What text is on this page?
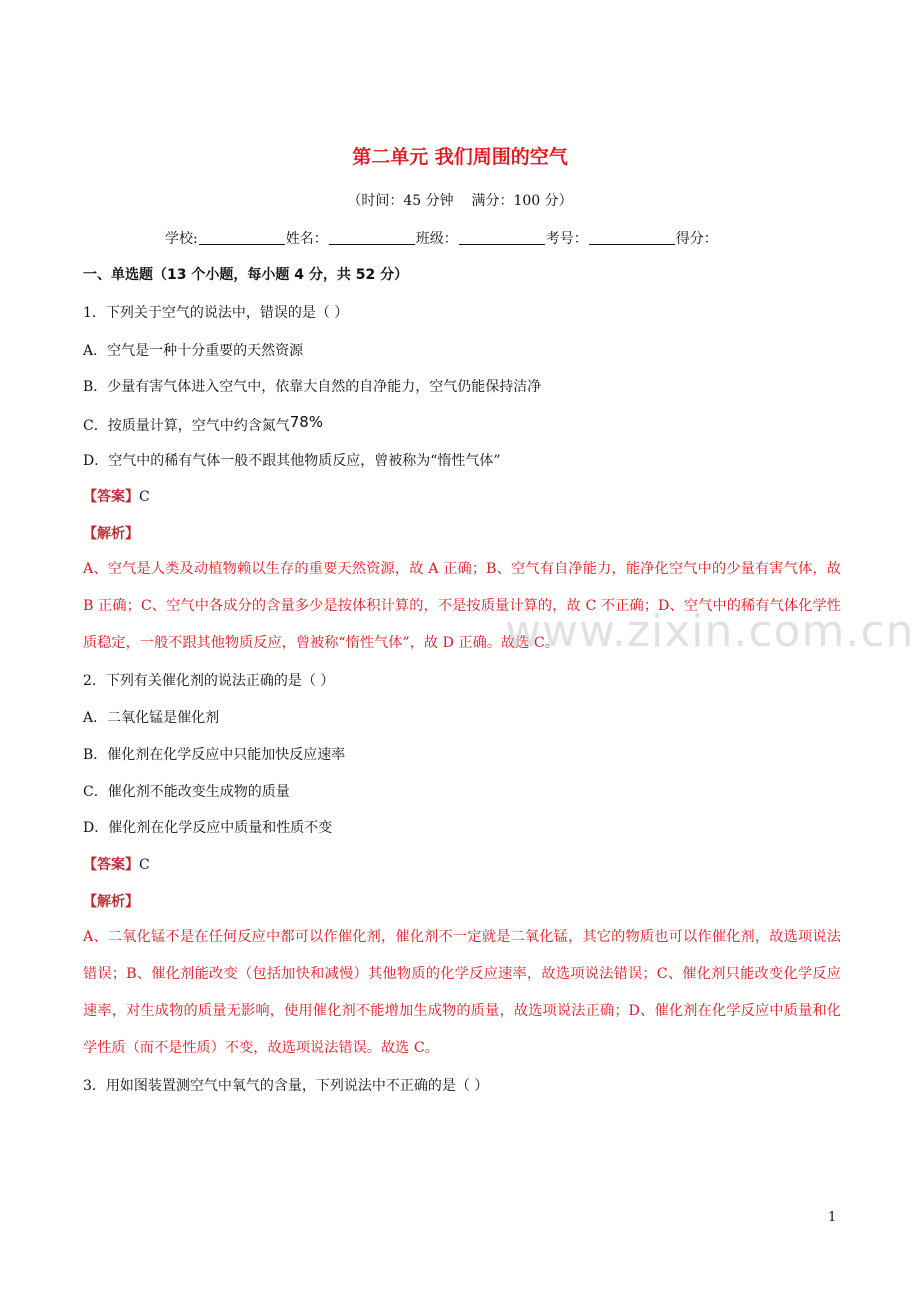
第二单元 我们周围的空气
（时间：45 分钟    满分：100 分）
学校:	姓名：	班级：	考号：	得分：
一、单选题（13 个小题，每小题 4 分，共 52 分）
1．下列关于空气的说法中，错误的是（ ）
A．空气是一种十分重要的天然资源
B．少量有害气体进入空气中，依靠大自然的自净能力，空气仍能保持洁净
C．按质量计算，空气中约含氮气78%
D．空气中的稀有气体一般不跟其他物质反应，曾被称为“惰性气体”
【答案】C
【解析】
A、空气是人类及动植物赖以生存的重要天然资源，故 A 正确；B、空气有自净能力，能净化空气中的少量有害气体，故 B 正确；C、空气中各成分的含量多少是按体积计算的，不是按质量计算的，故 C 不正确；D、空气中的稀有气体化学性质稳定，一般不跟其他物质反应，曾被称“惰性气体”，故 D 正确。故选 C。
2．下列有关催化剂的说法正确的是（ ）
A．二氧化锰是催化剂
B．催化剂在化学反应中只能加快反应速率
C．催化剂不能改变生成物的质量
D．催化剂在化学反应中质量和性质不变
【答案】C
【解析】
A、二氧化锰不是在任何反应中都可以作催化剂，催化剂不一定就是二氧化锰，其它的物质也可以作催化剂，故选项说法错误；B、催化剂能改变（包括加快和减慢）其他物质的化学反应速率，故选项说法错误；C、催化剂只能改变化学反应速率，对生成物的质量无影响，使用催化剂不能增加生成物的质量，故选项说法正确；D、催化剂在化学反应中质量和化学性质（而不是性质）不变，故选项说法错误。故选 C。
3．用如图装置测空气中氧气的含量，下列说法中不正确的是（ ）
www.zixin.com.cn
1
